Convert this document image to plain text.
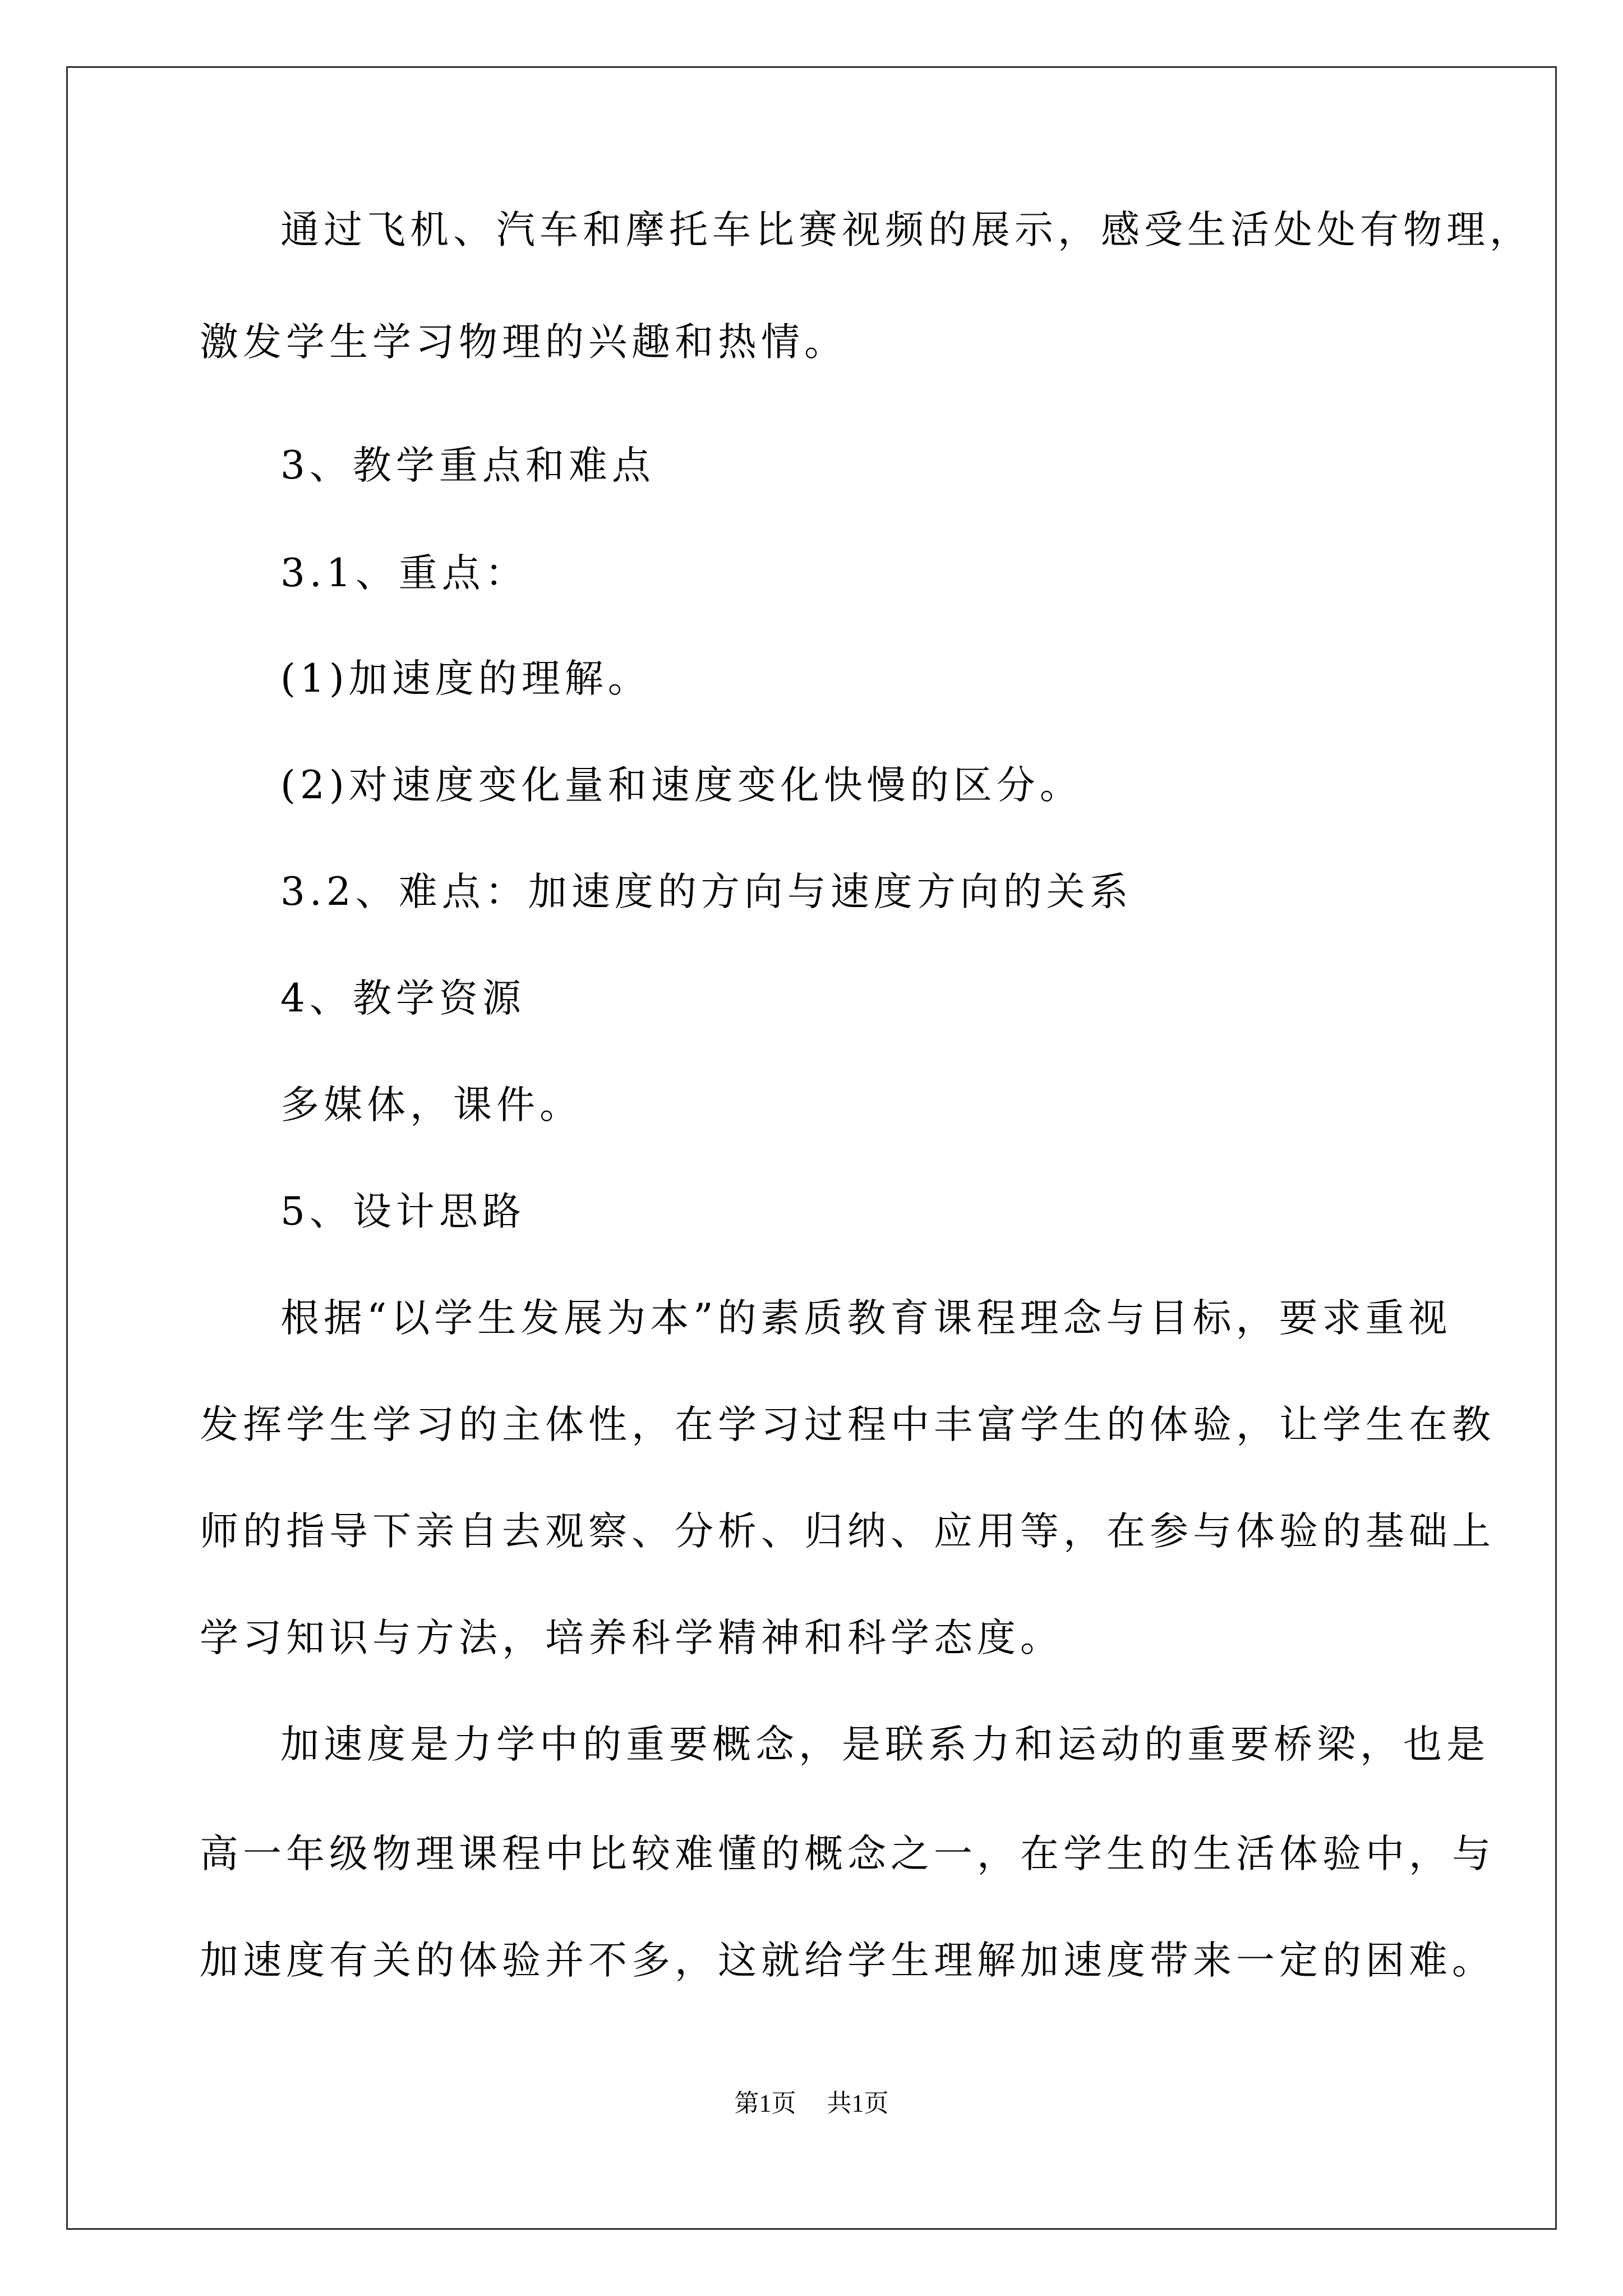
通过飞机、汽车和摩托车比赛视频的展示，感受生活处处有物理，
激发学生学习物理的兴趣和热情。
3、教学重点和难点
3.1、重点：
(1)加速度的理解。
(2)对速度变化量和速度变化快慢的区分。
3.2、难点：加速度的方向与速度方向的关系
4、教学资源
多媒体，课件。
5、设计思路
根据“以学生发展为本”的素质教育课程理念与目标，要求重视
发挥学生学习的主体性，在学习过程中丰富学生的体验，让学生在教
师的指导下亲自去观察、分析、归纳、应用等，在参与体验的基础上
学习知识与方法，培养科学精神和科学态度。
加速度是力学中的重要概念，是联系力和运动的重要桥梁，也是
高一年级物理课程中比较难懂的概念之一，在学生的生活体验中，与
加速度有关的体验并不多，这就给学生理解加速度带来一定的困难。
第1页 共1页
